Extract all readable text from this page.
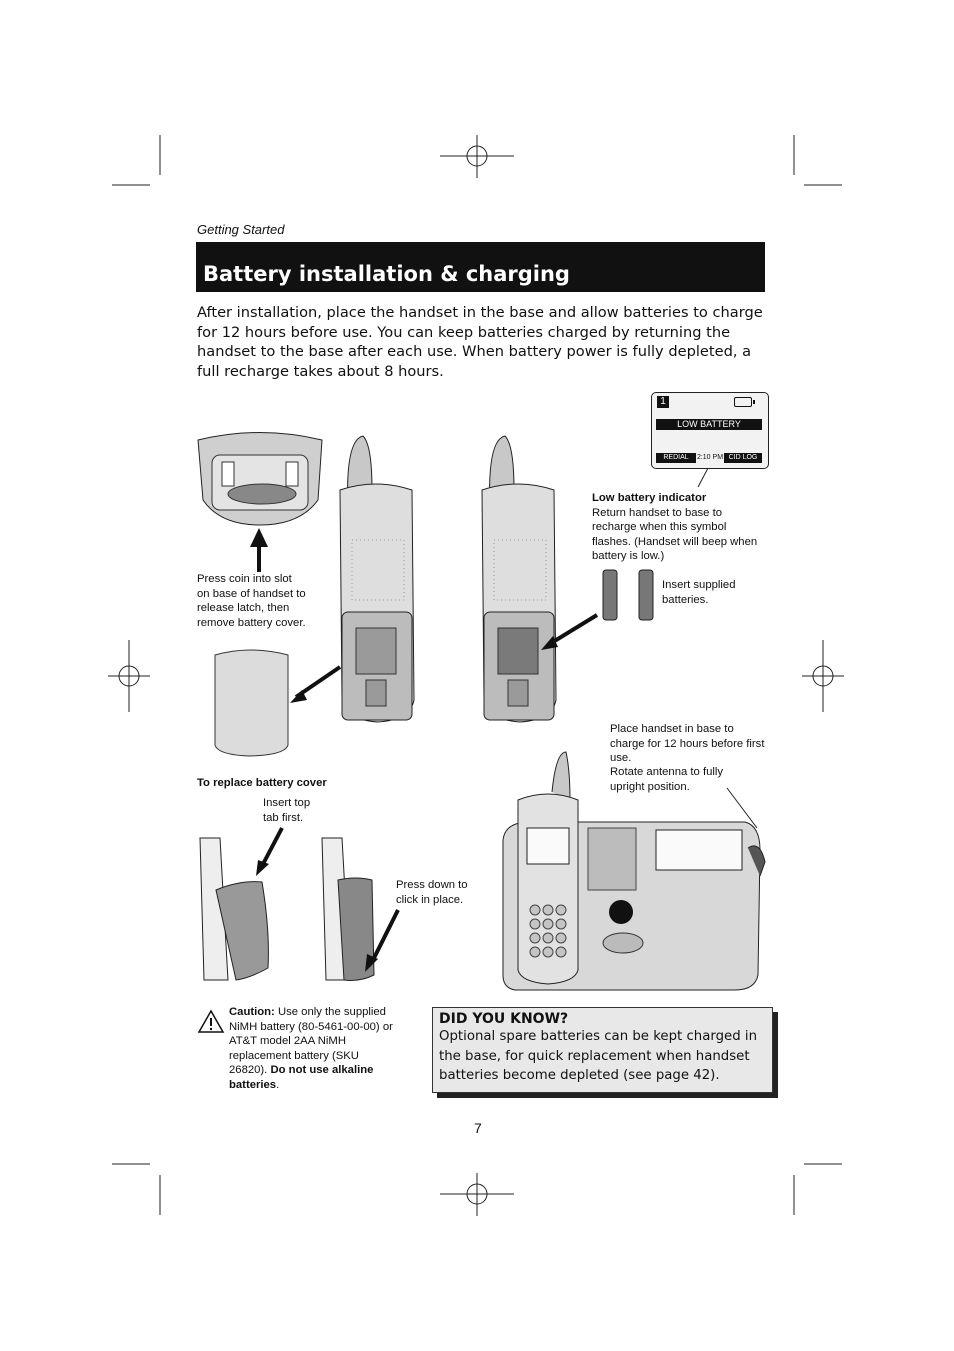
Getting Started
Battery installation & charging
After installation, place the handset in the base and allow batteries to charge for 12 hours before use. You can keep batteries charged by returning the handset to the base after each use. When battery power is fully depleted, a full recharge takes about 8 hours.
1
LOW BATTERY
REDIAL	2:10 PM CID LOG
Low battery indicator
Return handset to base to recharge when this symbol flashes. (Handset will beep when battery is low.)
Press coin into slot on base of handset to release latch, then remove battery cover.
Insert supplied batteries.
Place handset in base to charge for 12 hours before first use.
Rotate antenna to fully upright position.
To replace battery cover
Insert top tab first.
Press down to click in place.
Caution: Use only the supplied NiMH battery (80-5461-00-00) or AT&T model 2AA NiMH replacement battery (SKU 26820). Do not use alkaline batteries.
DID YOU KNOW?
Optional spare batteries can be kept charged in the base, for quick replacement when handset batteries become depleted (see page 42).
7
